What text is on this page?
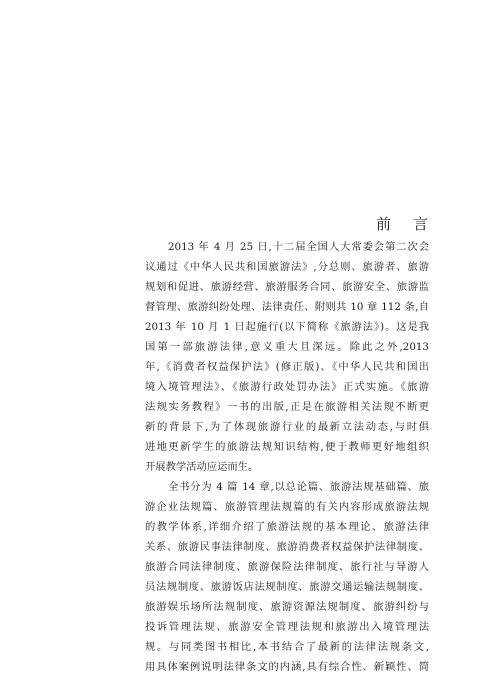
前言
2013 年 4 月 25 日,十二届全国人大常委会第二次会
议通过《中华人民共和国旅游法》,分总则、旅游者、旅游
规划和促进、旅游经营、旅游服务合同、旅游安全、旅游监
督管理、旅游纠纷处理、法律责任、附则共 10 章 112 条,自
2013 年 10 月 1 日起施行(以下简称《旅游法》)。这是我
国第一部旅游法律,意义重大且深远。除此之外,2013
年,《消费者权益保护法》(修正版)、《中华人民共和国出
境入境管理法》、《旅游行政处罚办法》正式实施。《旅游
法规实务教程》一书的出版,正是在旅游相关法规不断更
新的背景下,为了体现旅游行业的最新立法动态,与时俱
进地更新学生的旅游法规知识结构,便于教师更好地组织
开展教学活动应运而生。
全书分为 4 篇 14 章,以总论篇、旅游法规基础篇、旅
游企业法规篇、旅游管理法规篇的有关内容形成旅游法规
的教学体系,详细介绍了旅游法规的基本理论、旅游法律
关系、旅游民事法律制度、旅游消费者权益保护法律制度、
旅游合同法律制度、旅游保险法律制度、旅行社与导游人
员法规制度、旅游饭店法规制度、旅游交通运输法规制度、
旅游娱乐场所法规制度、旅游资源法规制度、旅游纠纷与
投诉管理法规、旅游安全管理法规和旅游出入境管理法
规。与同类图书相比,本书结合了最新的法律法规条文,
用具体案例说明法律条文的内涵,具有综合性、新颖性、简
